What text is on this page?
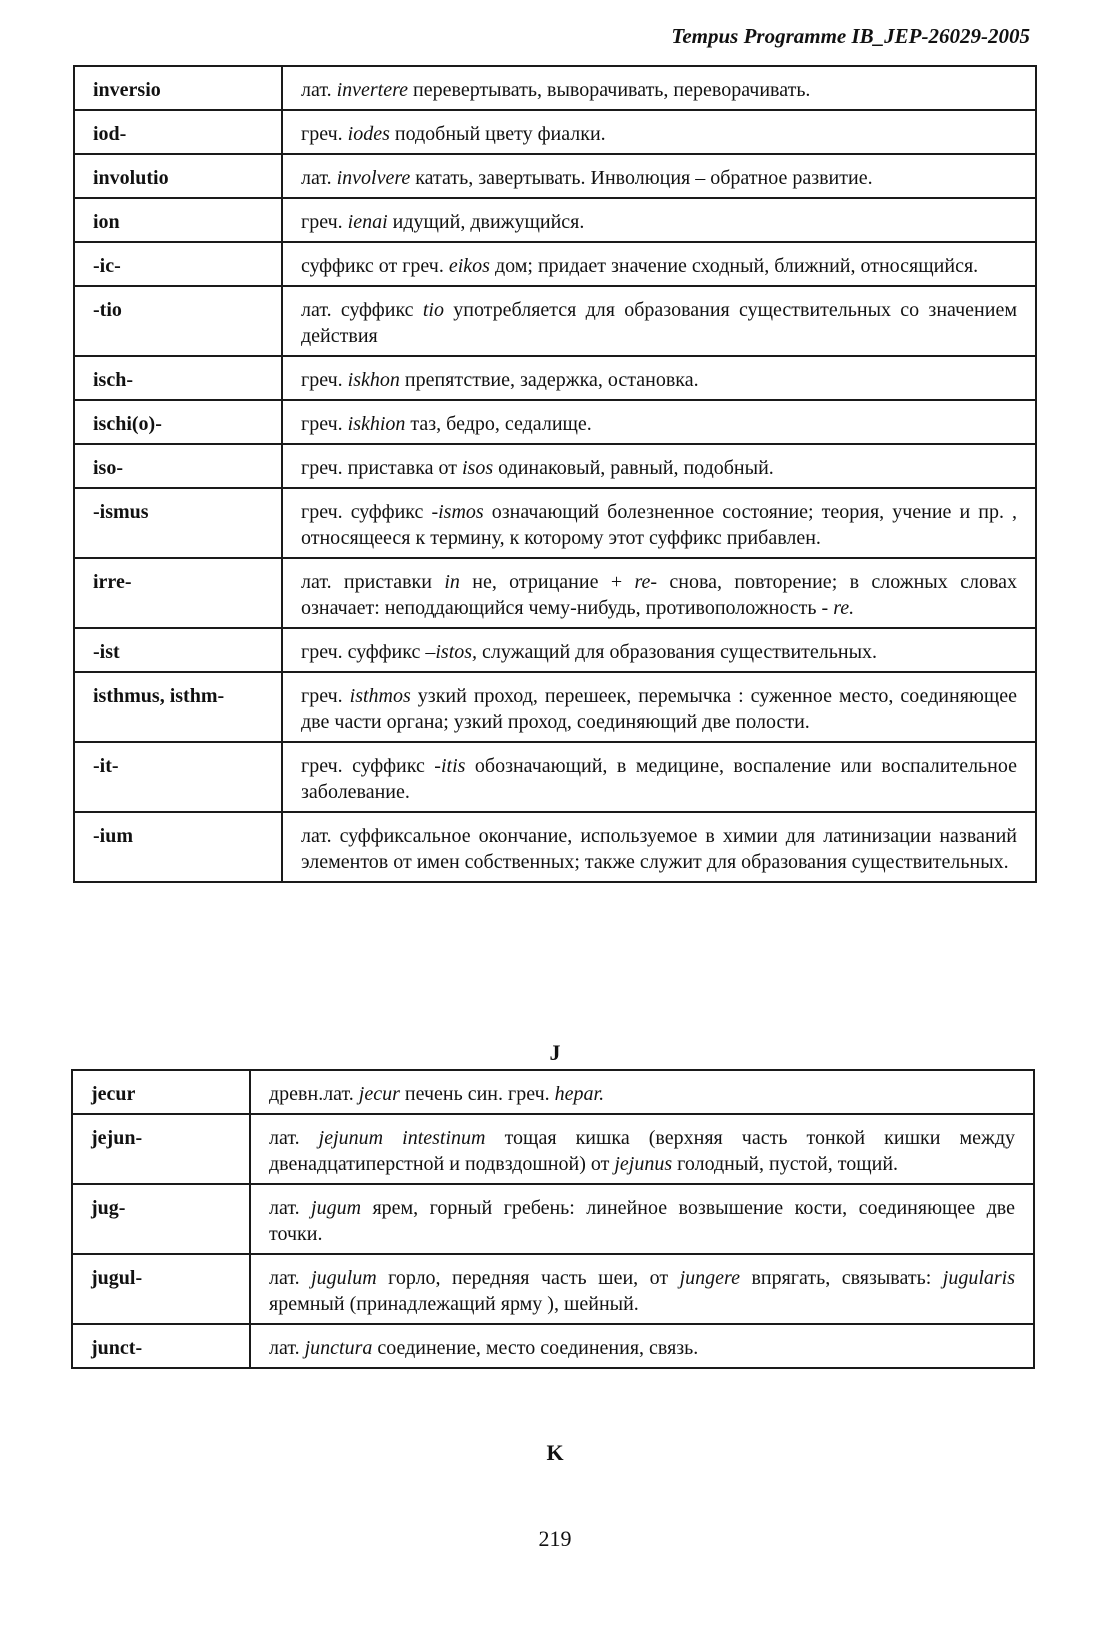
Tempus Programme IB_JEP-26029-2005
inversio	лат. invertere перевертывать, выворачивать, переворачивать.
iod-	греч. iodes подобный цвету фиалки.
involutio	лат. involvere катать, завертывать. Инволюция – обратное развитие.
ion	греч. ienai идущий, движущийся.
-ic-	суффикс от греч. eikos дом; придает значение сходный, ближний, относящийся.
-tio	лат. суффикс tio употребляется для образования существительных со значением действия
isch-	греч. iskhon препятствие, задержка, остановка.
ischi(o)-	греч. iskhion таз, бедро, седалище.
iso-	греч. приставка от isos одинаковый, равный, подобный.
-ismus	греч. суффикс -ismos означающий болезненное состояние; теория, учение и пр. , относящееся к термину, к которому этот суффикс прибавлен.
irre-	лат. приставки in не, отрицание + re- снова, повторение; в сложных словах означает: неподдающийся чему-нибудь, противоположность - re.
-ist	греч. суффикс –istos, служащий для образования существительных.
isthmus, isthm-	греч. isthmos узкий проход, перешеек, перемычка : суженное место, соединяющее две части органа; узкий проход, соединяющий две полости.
-it-	греч. суффикс -itis обозначающий, в медицине, воспаление или воспалительное заболевание.
-ium	лат. суффиксальное окончание, используемое в химии для латинизации названий элементов от имен собственных; также служит для образования существительных.
J
jecur	древн.лат. jecur печень син. греч. hepar.
jejun-	лат. jejunum intestinum тощая кишка (верхняя часть тонкой кишки между двенадцатиперстной и подвздошной) от jejunus голодный, пустой, тощий.
jug-	лат. jugum ярем, горный гребень: линейное возвышение кости, соединяющее две точки.
jugul-	лат. jugulum горло, передняя часть шеи, от jungere впрягать, связывать: jugularis яремный (принадлежащий ярму ), шейный.
junct-	лат. junctura соединение, место соединения, связь.
K
219
